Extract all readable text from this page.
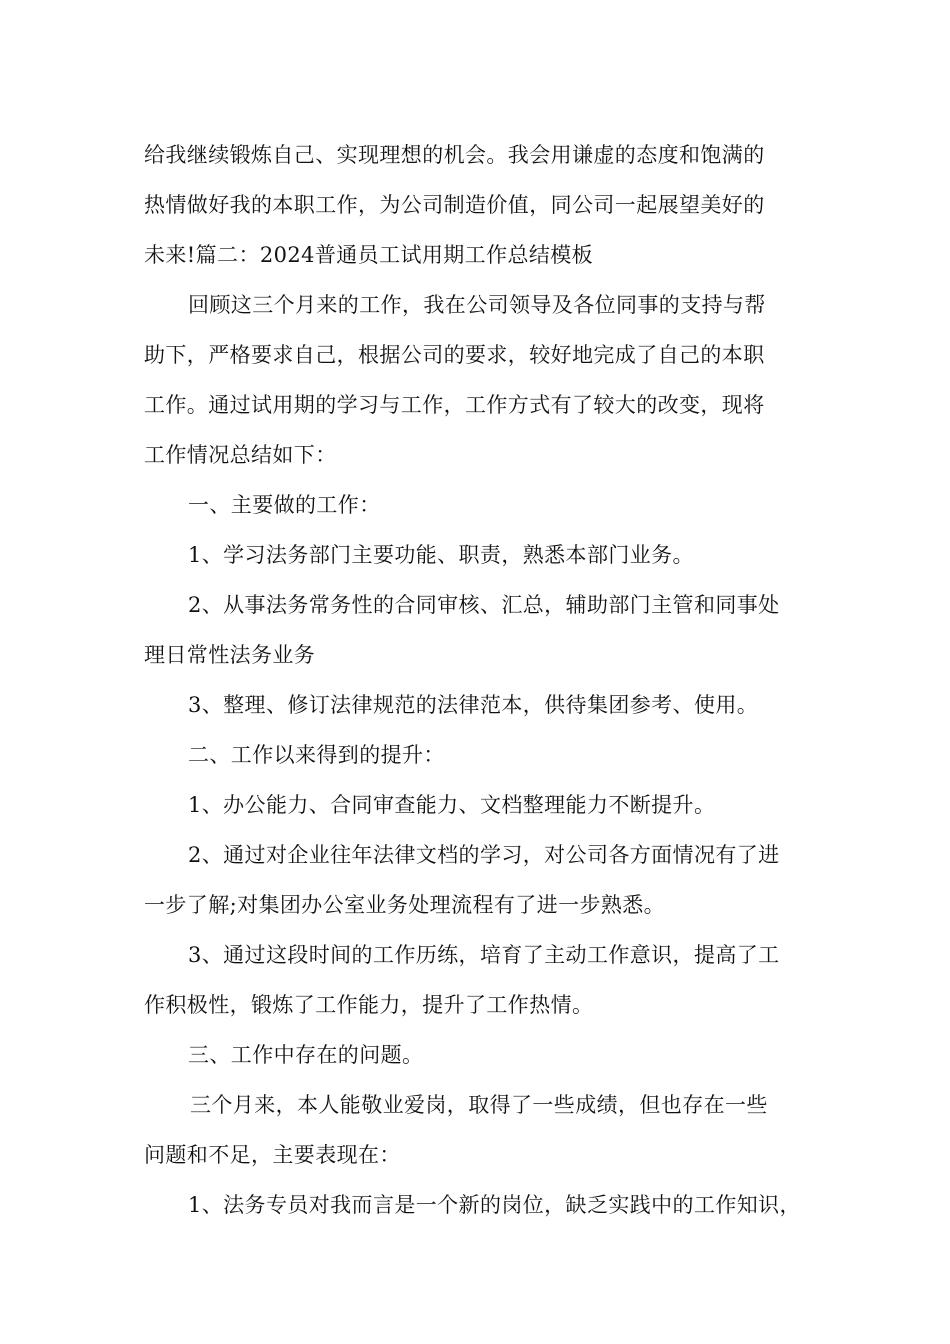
给我继续锻炼自己、实现理想的机会。我会用谦虚的态度和饱满的
热情做好我的本职工作，为公司制造价值，同公司一起展望美好的
未来!篇二：2024普通员工试用期工作总结模板
回顾这三个月来的工作，我在公司领导及各位同事的支持与帮
助下，严格要求自己，根据公司的要求，较好地完成了自己的本职
工作。通过试用期的学习与工作，工作方式有了较大的改变，现将
工作情况总结如下：
一、主要做的工作：
1、学习法务部门主要功能、职责，熟悉本部门业务。
2、从事法务常务性的合同审核、汇总，辅助部门主管和同事处
理日常性法务业务
3、整理、修订法律规范的法律范本，供待集团参考、使用。
二、工作以来得到的提升：
1、办公能力、合同审查能力、文档整理能力不断提升。
2、通过对企业往年法律文档的学习，对公司各方面情况有了进
一步了解;对集团办公室业务处理流程有了进一步熟悉。
3、通过这段时间的工作历练，培育了主动工作意识，提高了工
作积极性，锻炼了工作能力，提升了工作热情。
三、工作中存在的问题。
三个月来，本人能敬业爱岗，取得了一些成绩，但也存在一些
问题和不足，主要表现在：
1、法务专员对我而言是一个新的岗位，缺乏实践中的工作知识，
